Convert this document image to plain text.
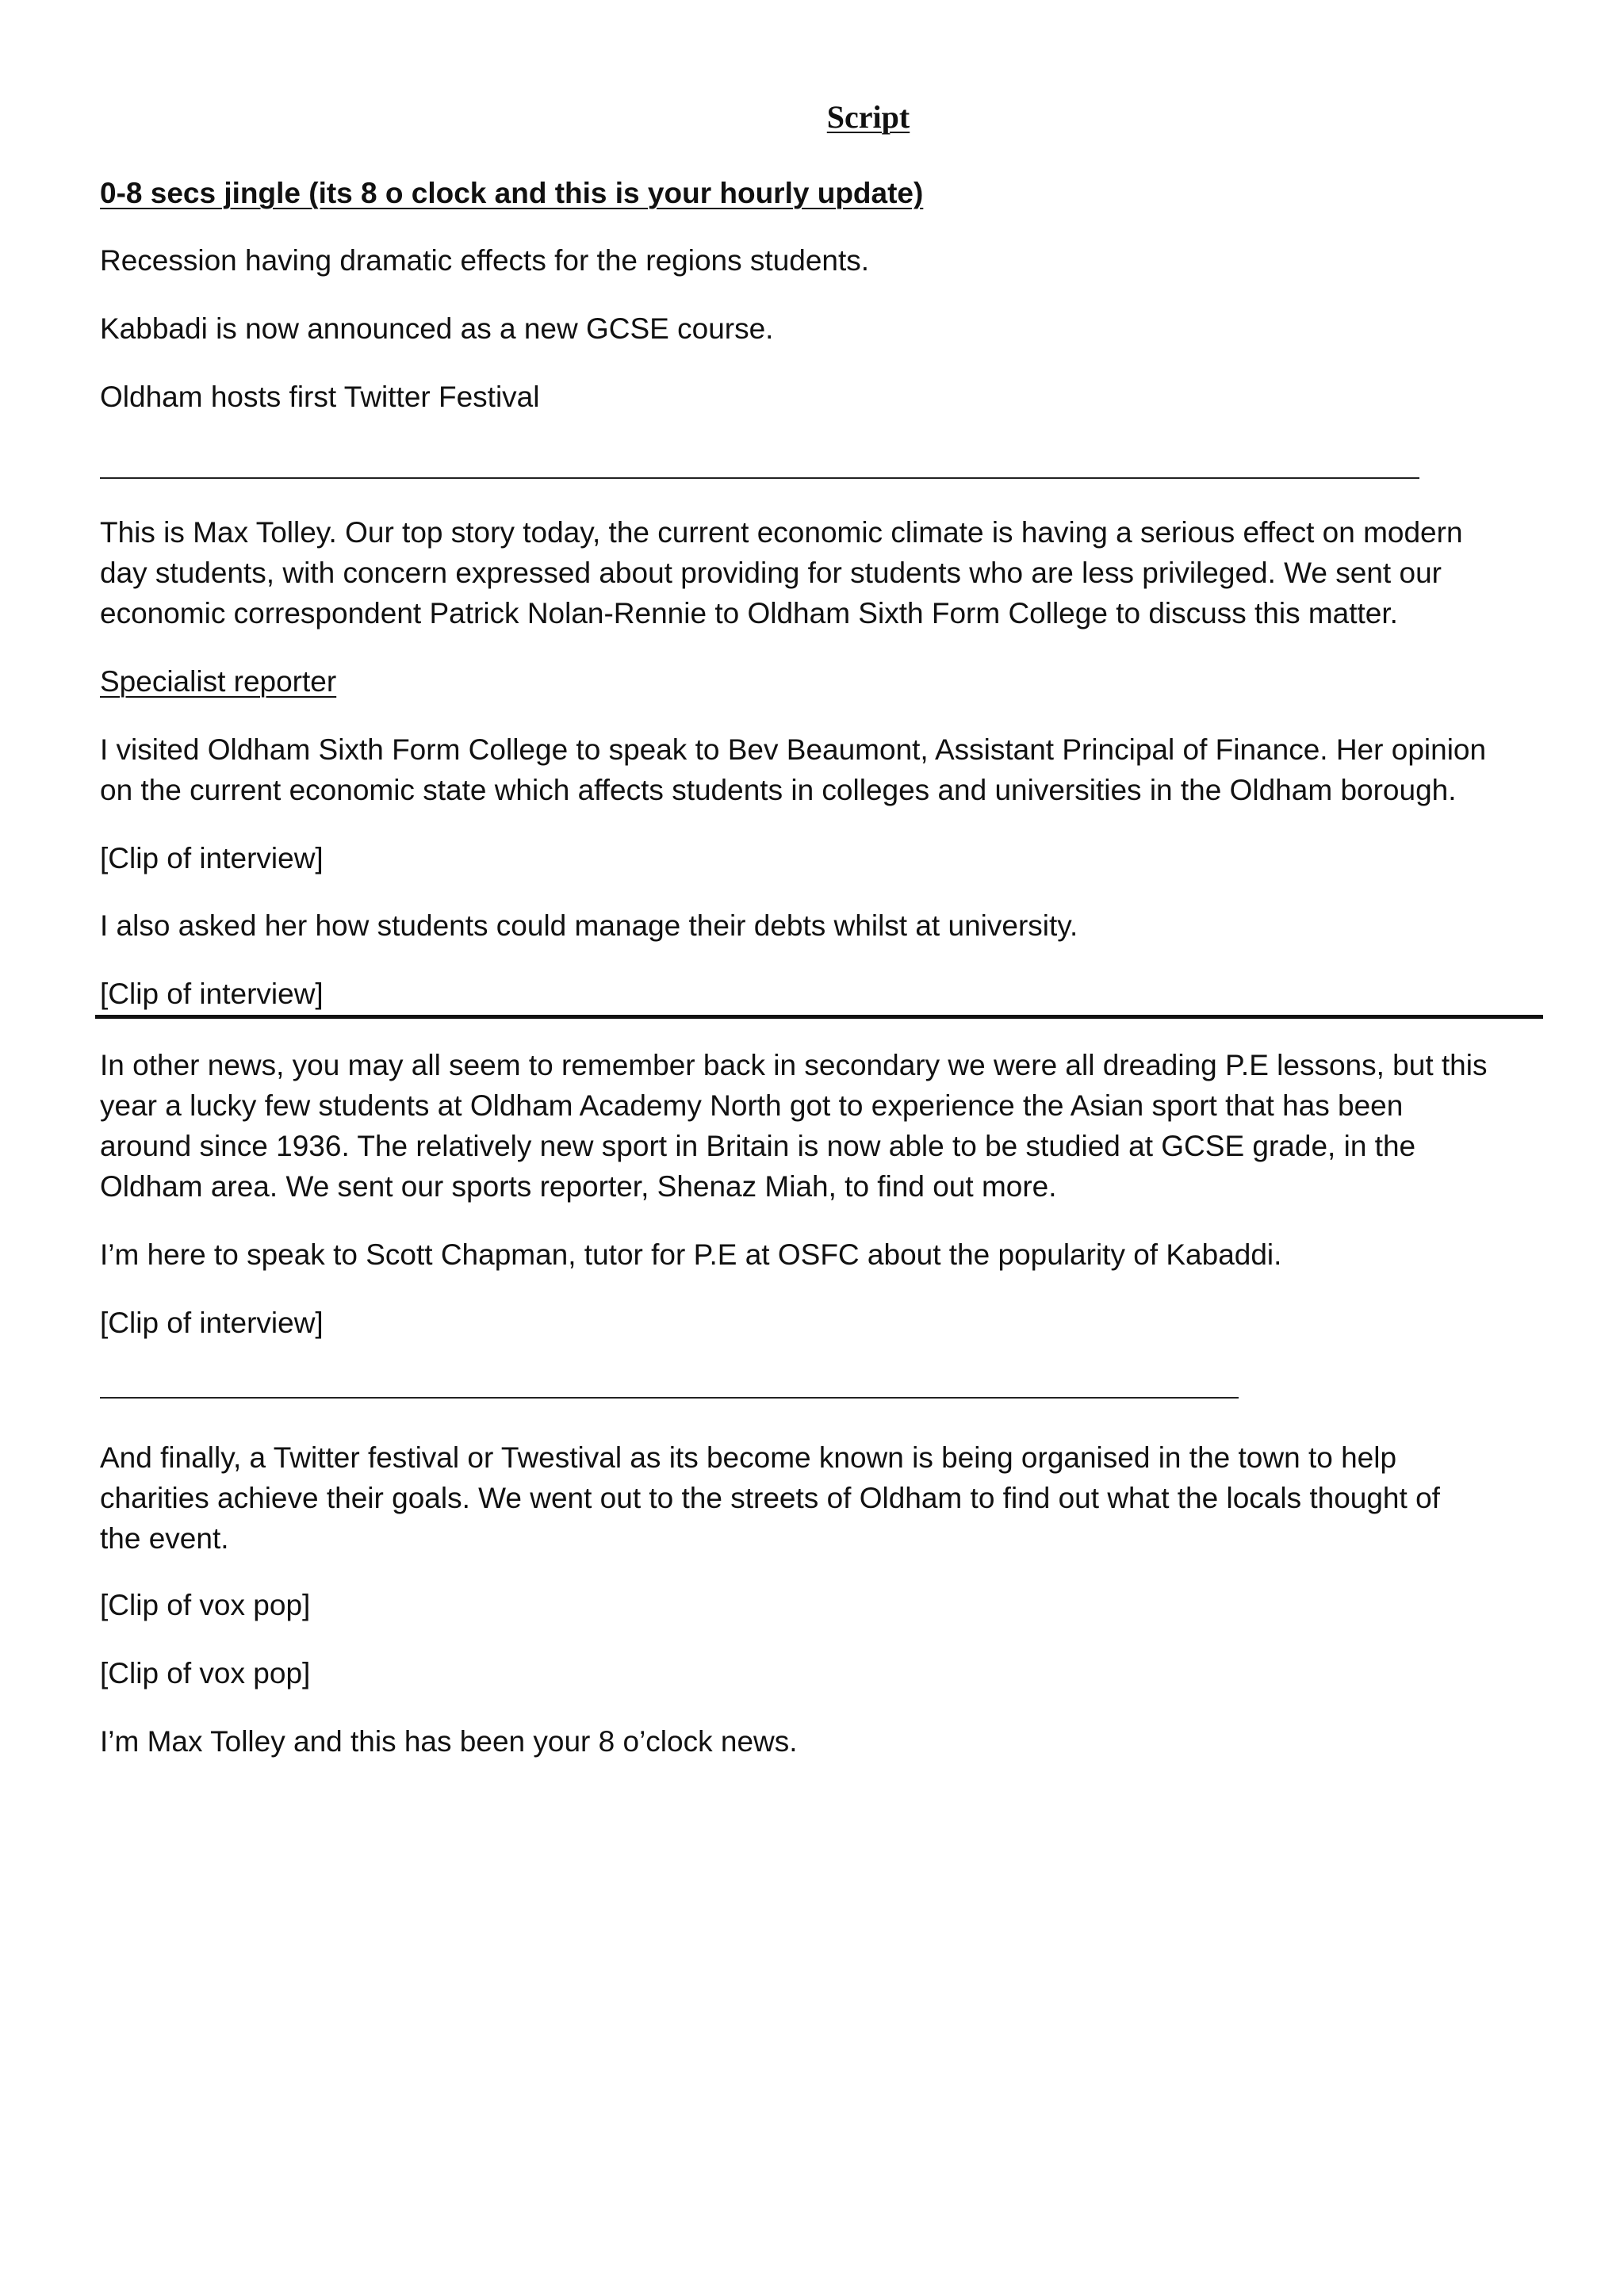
Script
0-8 secs jingle (its 8 o clock and this is your hourly update)
Recession having dramatic effects for the regions students.
Kabbadi is now announced as a new GCSE course.
Oldham hosts first Twitter Festival
This is Max Tolley. Our top story today, the current economic climate is having a serious effect on modern
day students, with concern expressed about providing for students who are less privileged. We sent our
economic correspondent Patrick Nolan-Rennie to Oldham Sixth Form College to discuss this matter.
Specialist reporter
I visited Oldham Sixth Form College to speak to Bev Beaumont, Assistant Principal of Finance. Her opinion
on the current economic state which affects students in colleges and universities in the Oldham borough.
[Clip of interview]
I also asked her how students could manage their debts whilst at university.
[Clip of interview]
In other news, you may all seem to remember back in secondary we were all dreading P.E lessons, but this
year a lucky few students at Oldham Academy North got to experience the Asian sport that has been
around since 1936. The relatively new sport in Britain is now able to be studied at GCSE grade, in the
Oldham area. We sent our sports reporter, Shenaz Miah, to find out more.
I’m here to speak to Scott Chapman, tutor for P.E at OSFC about the popularity of Kabaddi.
[Clip of interview]
And finally, a Twitter festival or Twestival as its become known is being organised in the town to help
charities achieve their goals. We went out to the streets of Oldham to find out what the locals thought of
the event.
[Clip of vox pop]
[Clip of vox pop]
I’m Max Tolley and this has been your 8 o’clock news.
